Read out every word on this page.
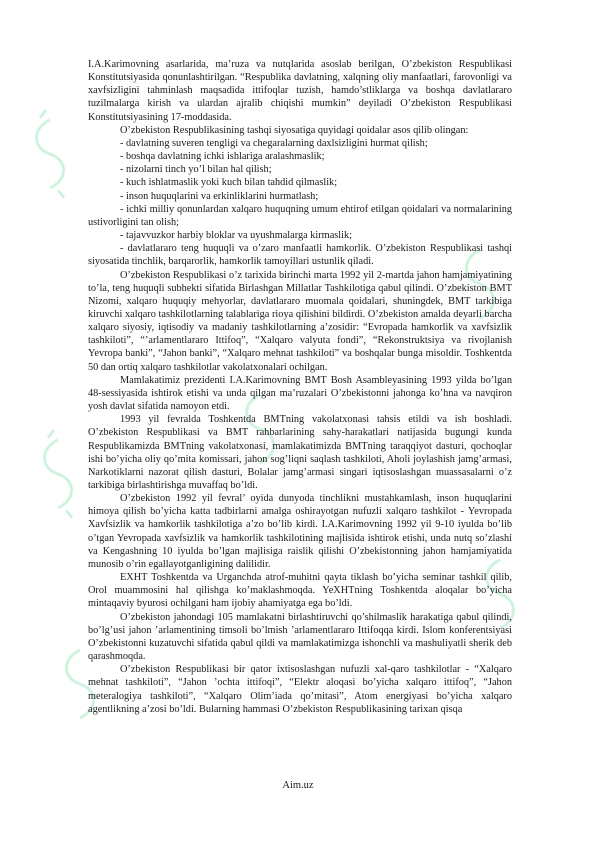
I.A.Karimovning asarlarida, ma’ruza va nutqlarida asoslab berilgan, O’zbekiston Respublikasi Konstitutsiyasida qonunlashtirilgan. “Respublika davlatning, xalqning oliy manfaatlari, farovonligi va xavfsizligini tahminlash maqsadida ittifoqlar tuzish, hamdo’stliklarga va boshqa davlatlararo tuzilmalarga kirish va ulardan ajralib chiqishi mumkin” deyiladi O’zbekiston Respublikasi Konstitutsiyasining 17-moddasida.

O’zbekiston Respublikasining tashqi siyosatiga quyidagi qoidalar asos qilib olingan:

- davlatning suveren tengligi va chegaralarning daxlsizligini hurmat qilish;

- boshqa davlatning ichki ishlariga aralashmaslik;

- nizolarni tinch yo’l bilan hal qilish;

- kuch ishlatmaslik yoki kuch bilan tahdid qilmaslik;

- inson huquqlarini va erkinliklarini hurmatlash;

- ichki milliy qonunlardan xalqaro huquqning umum ehtirof etilgan qoidalari va normalarining ustivorligini tan olish;

- tajavvuzkor harbiy bloklar va uyushmalarga kirmaslik;

- davlatlararo teng huquqli va o’zaro manfaatli hamkorlik. O’zbekiston Respublikasi tashqi siyosatida tinchlik, barqarorlik, hamkorlik tamoyillari ustunlik qiladi.

O’zbekiston Respublikasi o’z tarixida birinchi marta 1992 yil 2-martda jahon hamjamiyatining to’la, teng huquqli subhekti sifatida Birlashgan Millatlar Tashkilotiga qabul qilindi. O’zbekiston BMT Nizomi, xalqaro huquqiy mehyorlar, davlatlararo muomala qoidalari, shuningdek, BMT tarkibiga kiruvchi xalqaro tashkilotlarning talablariga rioya qilishini bildirdi. O’zbekiston amalda deyarli barcha xalqaro siyosiy, iqtisodiy va madaniy tashkilotlarning a’zosidir: “Evropada hamkorlik va xavfsizlik tashkiloti”, “’arlamentlararo Ittifoq”, “Xalqaro valyuta fondi”, “Rekonstruktsiya va rivojlanish Yevropa banki”, “Jahon banki”, “Xalqaro mehnat tashkiloti” va boshqalar bunga misoldir. Toshkentda 50 dan ortiq xalqaro tashkilotlar vakolatxonalari ochilgan.

Mamlakatimiz prezidenti I.A.Karimovning BMT Bosh Asambleyasining 1993 yilda bo’lgan 48-sessiyasida ishtirok etishi va unda qilgan ma’ruzalari O’zbekistonni jahonga ko’hna va navqiron yosh davlat sifatida namoyon etdi.

1993 yil fevralda Toshkentda BMTning vakolatxonasi tahsis etildi va ish boshladi. O’zbekiston Respublikasi va BMT rahbarlarining sahy-harakatlari natijasida bugungi kunda Respublikamizda BMTning vakolatxonasi, mamlakatimizda BMTning taraqqiyot dasturi, qochoqlar ishi bo’yicha oliy qo’mita komissari, jahon sog’liqni saqlash tashkiloti, Aholi joylashish jamg’armasi, Narkotiklarni nazorat qilish dasturi, Bolalar jamg’armasi singari iqtisoslashgan muassasalarni o’z tarkibiga birlashtirishga muvaffaq bo’ldi.

O’zbekiston 1992 yil fevral’ oyida dunyoda tinchlikni mustahkamlash, inson huquqlarini himoya qilish bo’yicha katta tadbirlarni amalga oshirayotgan nufuzli xalqaro tashkilot - Yevropada Xavfsizlik va hamkorlik tashkilotiga a’zo bo’lib kirdi. I.A.Karimovning 1992 yil 9-10 iyulda bo’lib o’tgan Yevropada xavfsizlik va hamkorlik tashkilotining majlisida ishtirok etishi, unda nutq so’zlashi va Kengashning 10 iyulda bo’lgan majlisiga raislik qilishi O’zbekistonning jahon hamjamiyatida munosib o’rin egallayotganligining dalilidir.

EXHT Toshkentda va Urganchda atrof-muhitni qayta tiklash bo’yicha seminar tashkil qilib, Orol muammosini hal qilishga ko’maklashmoqda. YeXHTning Toshkentda aloqalar bo’yicha mintaqaviy byurosi ochilgani ham ijobiy ahamiyatga ega bo’ldi.

O’zbekiston jahondagi 105 mamlakatni birlashtiruvchi qo’shilmaslik harakatiga qabul qilindi, bo’lg’usi jahon ’arlamentining timsoli bo’lmish ’arlamentlararo Ittifoqqa kirdi. Islom konferentsiyasi O’zbekistonni kuzatuvchi sifatida qabul qildi va mamlakatimizga ishonchli va mashuliyatli sherik deb qarashmoqda.

O’zbekiston Respublikasi bir qator ixtisoslashgan nufuzli xal-qaro tashkilotlar - “Xalqaro mehnat tashkiloti”, “Jahon ’ochta ittifoqi”, “Elektr aloqasi bo’yicha xalqaro ittifoq”, “Jahon meteralogiya tashkiloti”, “Xalqaro Olim’iada qo’mitasi”, Atom energiyasi bo’yicha xalqaro agentlikning a’zosi bo’ldi. Bularning hammasi O’zbekiston Respublikasining tarixan qisqa

Aim.uz
